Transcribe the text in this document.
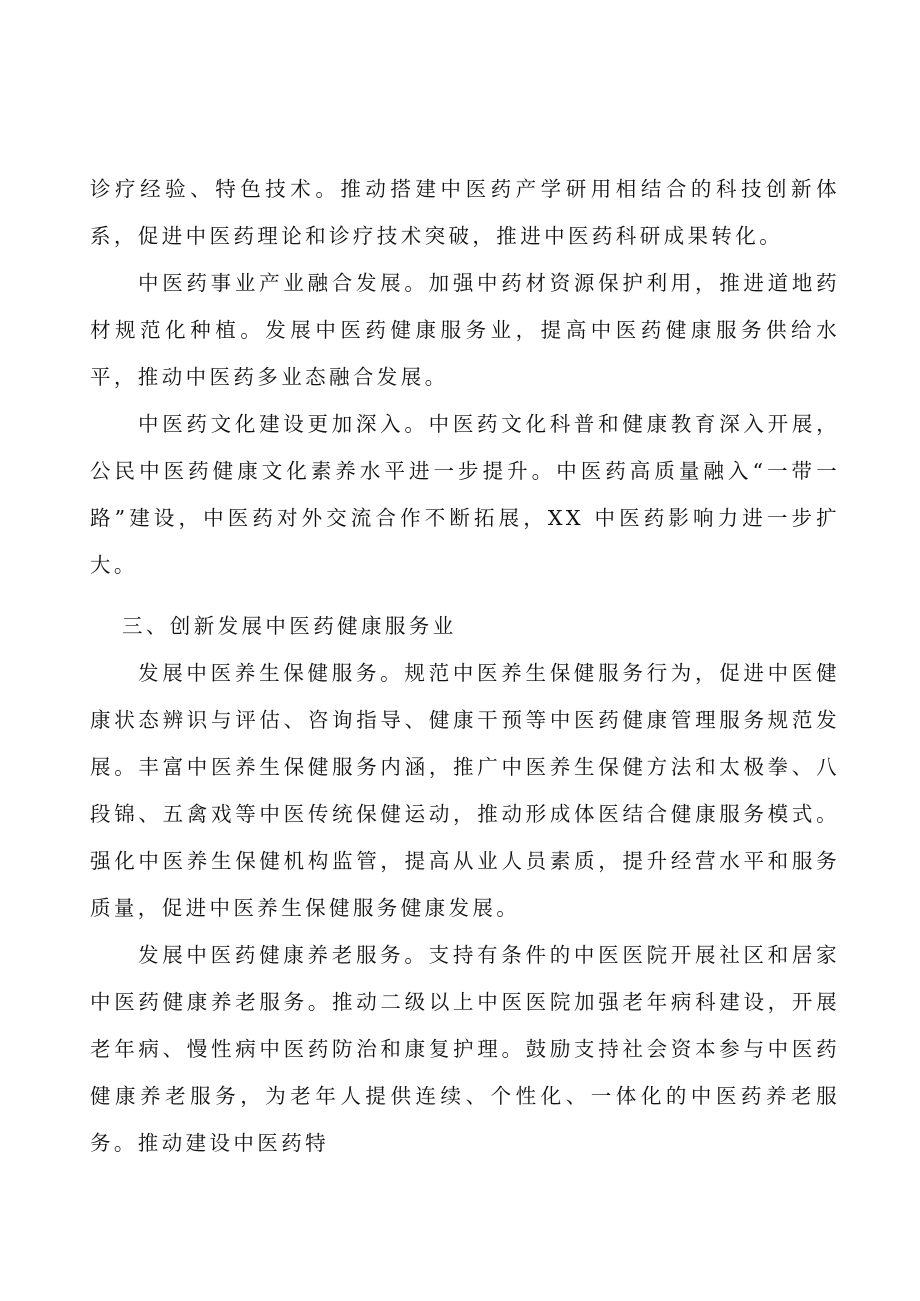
诊疗经验、特色技术。推动搭建中医药产学研用相结合的科技创新体系，促进中医药理论和诊疗技术突破，推进中医药科研成果转化。

中医药事业产业融合发展。加强中药材资源保护利用，推进道地药材规范化种植。发展中医药健康服务业，提高中医药健康服务供给水平，推动中医药多业态融合发展。

中医药文化建设更加深入。中医药文化科普和健康教育深入开展，公民中医药健康文化素养水平进一步提升。中医药高质量融入“一带一路”建设，中医药对外交流合作不断拓展，XX 中医药影响力进一步扩大。

三、创新发展中医药健康服务业

发展中医养生保健服务。规范中医养生保健服务行为，促进中医健康状态辨识与评估、咨询指导、健康干预等中医药健康管理服务规范发展。丰富中医养生保健服务内涵，推广中医养生保健方法和太极拳、八段锦、五禽戏等中医传统保健运动，推动形成体医结合健康服务模式。强化中医养生保健机构监管，提高从业人员素质，提升经营水平和服务质量，促进中医养生保健服务健康发展。

发展中医药健康养老服务。支持有条件的中医医院开展社区和居家中医药健康养老服务。推动二级以上中医医院加强老年病科建设，开展老年病、慢性病中医药防治和康复护理。鼓励支持社会资本参与中医药健康养老服务，为老年人提供连续、个性化、一体化的中医药养老服务。推动建设中医药特
